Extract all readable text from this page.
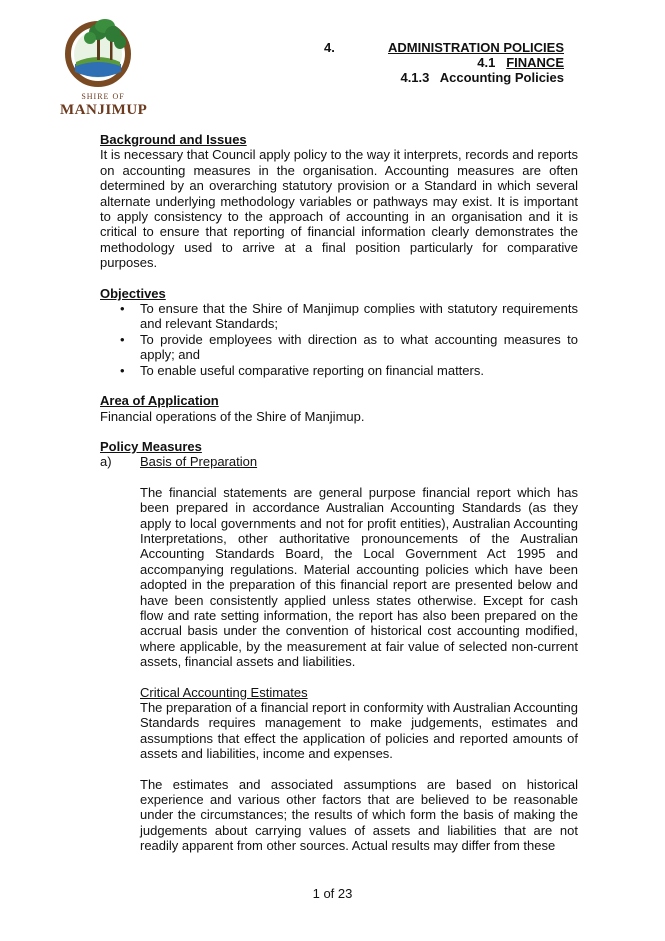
SHIRE OF
MANJIMUP
4.	ADMINISTRATION POLICIES
4.1 FINANCE
4.1.3 Accounting Policies
Background and Issues

It is necessary that Council apply policy to the way it interprets, records and reports on accounting measures in the organisation. Accounting measures are often determined by an overarching statutory provision or a Standard in which several alternate underlying methodology variables or pathways may exist. It is important to apply consistency to the approach of accounting in an organisation and it is critical to ensure that reporting of financial information clearly demonstrates the methodology used to arrive at a final position particularly for comparative purposes.

Objectives
• To ensure that the Shire of Manjimup complies with statutory requirements and relevant Standards;
• To provide employees with direction as to what accounting measures to apply; and
• To enable useful comparative reporting on financial matters.
Area of Application

Financial operations of the Shire of Manjimup.

Policy Measures
a) Basis of Preparation

The financial statements are general purpose financial report which has been prepared in accordance Australian Accounting Standards (as they apply to local governments and not for profit entities), Australian Accounting Interpretations, other authoritative pronouncements of the Australian Accounting Standards Board, the Local Government Act 1995 and accompanying regulations. Material accounting policies which have been adopted in the preparation of this financial report are presented below and have been consistently applied unless states otherwise. Except for cash flow and rate setting information, the report has also been prepared on the accrual basis under the convention of historical cost accounting modified, where applicable, by the measurement at fair value of selected non-current assets, financial assets and liabilities.

Critical Accounting Estimates

The preparation of a financial report in conformity with Australian Accounting Standards requires management to make judgements, estimates and assumptions that effect the application of policies and reported amounts of assets and liabilities, income and expenses.

The estimates and associated assumptions are based on historical experience and various other factors that are believed to be reasonable under the circumstances; the results of which form the basis of making the judgements about carrying values of assets and liabilities that are not readily apparent from other sources. Actual results may differ from these

1 of 23
